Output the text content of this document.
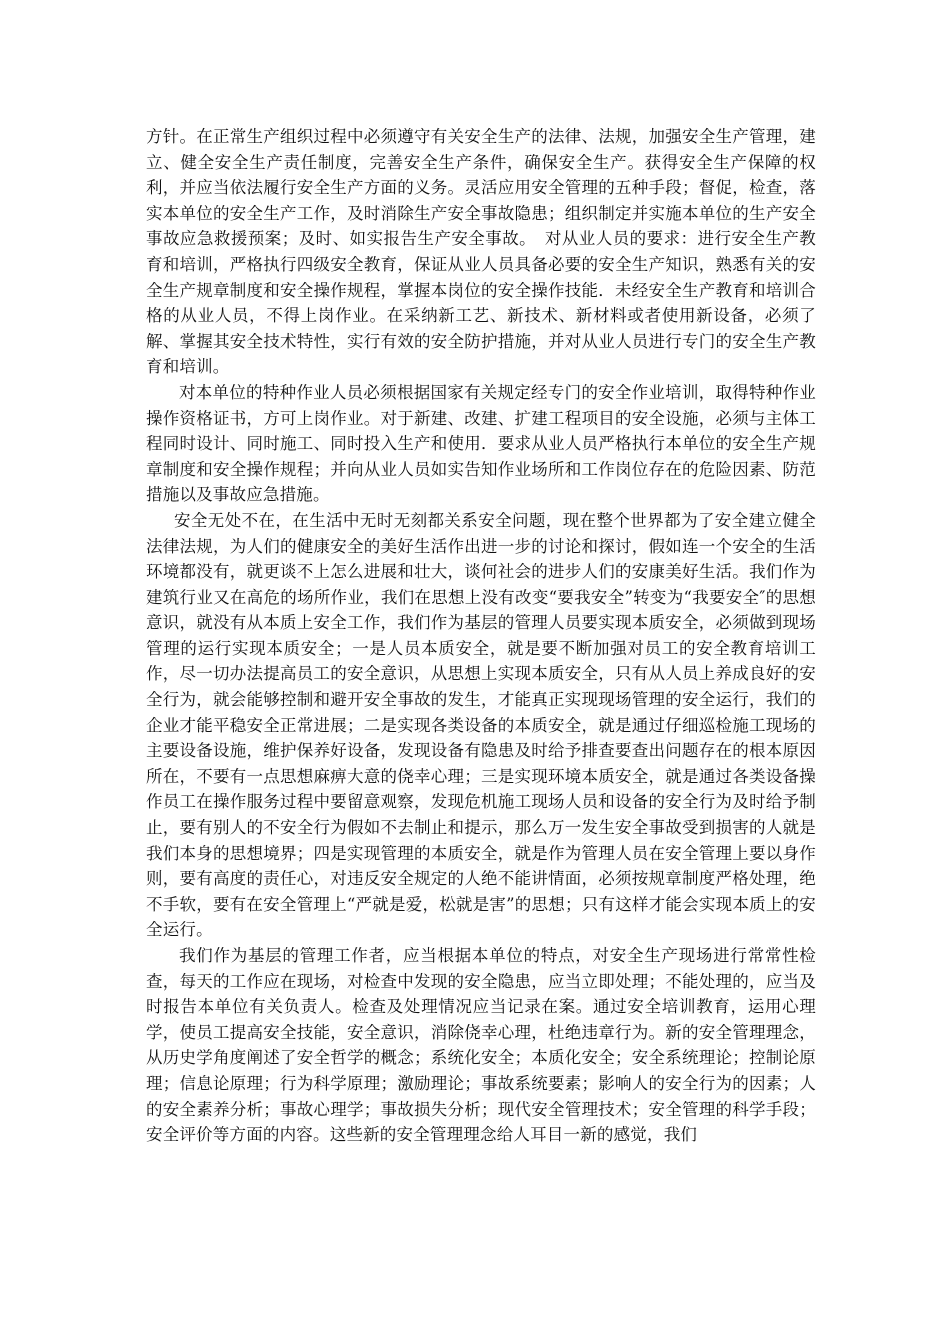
方针。在正常生产组织过程中必须遵守有关安全生产的法律、法规，加强安全生产管理，建立、健全安全生产责任制度，完善安全生产条件，确保安全生产。获得安全生产保障的权利，并应当依法履行安全生产方面的义务。灵活应用安全管理的五种手段；督促，检查，落实本单位的安全生产工作，及时消除生产安全事故隐患；组织制定并实施本单位的生产安全事故应急救援预案；及时、如实报告生产安全事故。　对从业人员的要求：进行安全生产教育和培训，严格执行四级安全教育，保证从业人员具备必要的安全生产知识，熟悉有关的安全生产规章制度和安全操作规程，掌握本岗位的安全操作技能．未经安全生产教育和培训合格的从业人员，不得上岗作业。在采纳新工艺、新技术、新材料或者使用新设备，必须了解、掌握其安全技术特性，实行有效的安全防护措施，并对从业人员进行专门的安全生产教育和培训。

对本单位的特种作业人员必须根据国家有关规定经专门的安全作业培训，取得特种作业操作资格证书，方可上岗作业。对于新建、改建、扩建工程项目的安全设施，必须与主体工程同时设计、同时施工、同时投入生产和使用．要求从业人员严格执行本单位的安全生产规章制度和安全操作规程；并向从业人员如实告知作业场所和工作岗位存在的危险因素、防范措施以及事故应急措施。

安全无处不在，在生活中无时无刻都关系安全问题，现在整个世界都为了安全建立健全法律法规，为人们的健康安全的美好生活作出进一步的讨论和探讨，假如连一个安全的生活环境都没有，就更谈不上怎么进展和壮大，谈何社会的进步人们的安康美好生活。我们作为建筑行业又在高危的场所作业，我们在思想上没有改变“要我安全”转变为“我要安全″的思想意识，就没有从本质上安全工作，我们作为基层的管理人员要实现本质安全，必须做到现场管理的运行实现本质安全；一是人员本质安全，就是要不断加强对员工的安全教育培训工作，尽一切办法提高员工的安全意识，从思想上实现本质安全，只有从人员上养成良好的安全行为，就会能够控制和避开安全事故的发生，才能真正实现现场管理的安全运行，我们的企业才能平稳安全正常进展；二是实现各类设备的本质安全，就是通过仔细巡检施工现场的主要设备设施，维护保养好设备，发现设备有隐患及时给予排查要查出问题存在的根本原因所在，不要有一点思想麻痹大意的侥幸心理；三是实现环境本质安全，就是通过各类设备操作员工在操作服务过程中要留意观察，发现危机施工现场人员和设备的安全行为及时给予制止，要有别人的不安全行为假如不去制止和提示，那么万一发生安全事故受到损害的人就是我们本身的思想境界；四是实现管理的本质安全，就是作为管理人员在安全管理上要以身作则，要有高度的责任心，对违反安全规定的人绝不能讲情面，必须按规章制度严格处理，绝不手软，要有在安全管理上“严就是爱，松就是害”的思想；只有这样才能会实现本质上的安全运行。

我们作为基层的管理工作者，应当根据本单位的特点，对安全生产现场进行常常性检查，每天的工作应在现场，对检查中发现的安全隐患，应当立即处理；不能处理的，应当及时报告本单位有关负责人。检查及处理情况应当记录在案。通过安全培训教育，运用心理学，使员工提高安全技能，安全意识，消除侥幸心理，杜绝违章行为。新的安全管理理念，从历史学角度阐述了安全哲学的概念；系统化安全；本质化安全；安全系统理论；控制论原理；信息论原理；行为科学原理；激励理论；事故系统要素；影响人的安全行为的因素；人的安全素养分析；事故心理学；事故损失分析；现代安全管理技术；安全管理的科学手段；安全评价等方面的内容。这些新的安全管理理念给人耳目一新的感觉，我们
